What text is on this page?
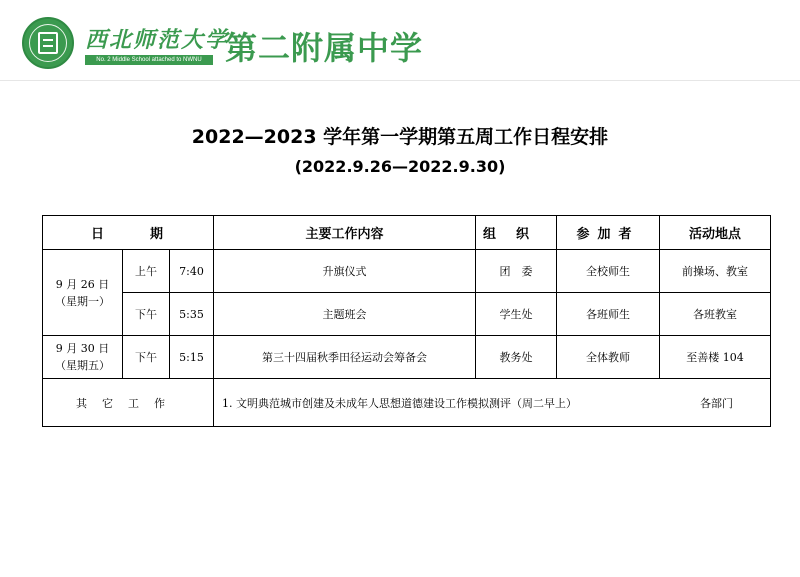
西北师范大学
No. 2 Middle School attached to NWNU 第二附属中学
2022—2023 学年第一学期第五周工作日程安排
(2022.9.26—2022.9.30)
日 期			主要工作内容	组织	参加者	活动地点

9 月 26 日
（星期一）	上午	7:40	升旗仪式	团　委	全校师生	前操场、教室
	下午	5:35	主题班会	学生处	各班师生	各班教室

9 月 30 日
（星期五）	下午	5:15	第三十四届秋季田径运动会筹备会	教务处	全体教师	至善楼 104
其它工作			1. 文明典范城市创建及未成年人思想道德建设工作模拟测评（周二早上） 各部门			
